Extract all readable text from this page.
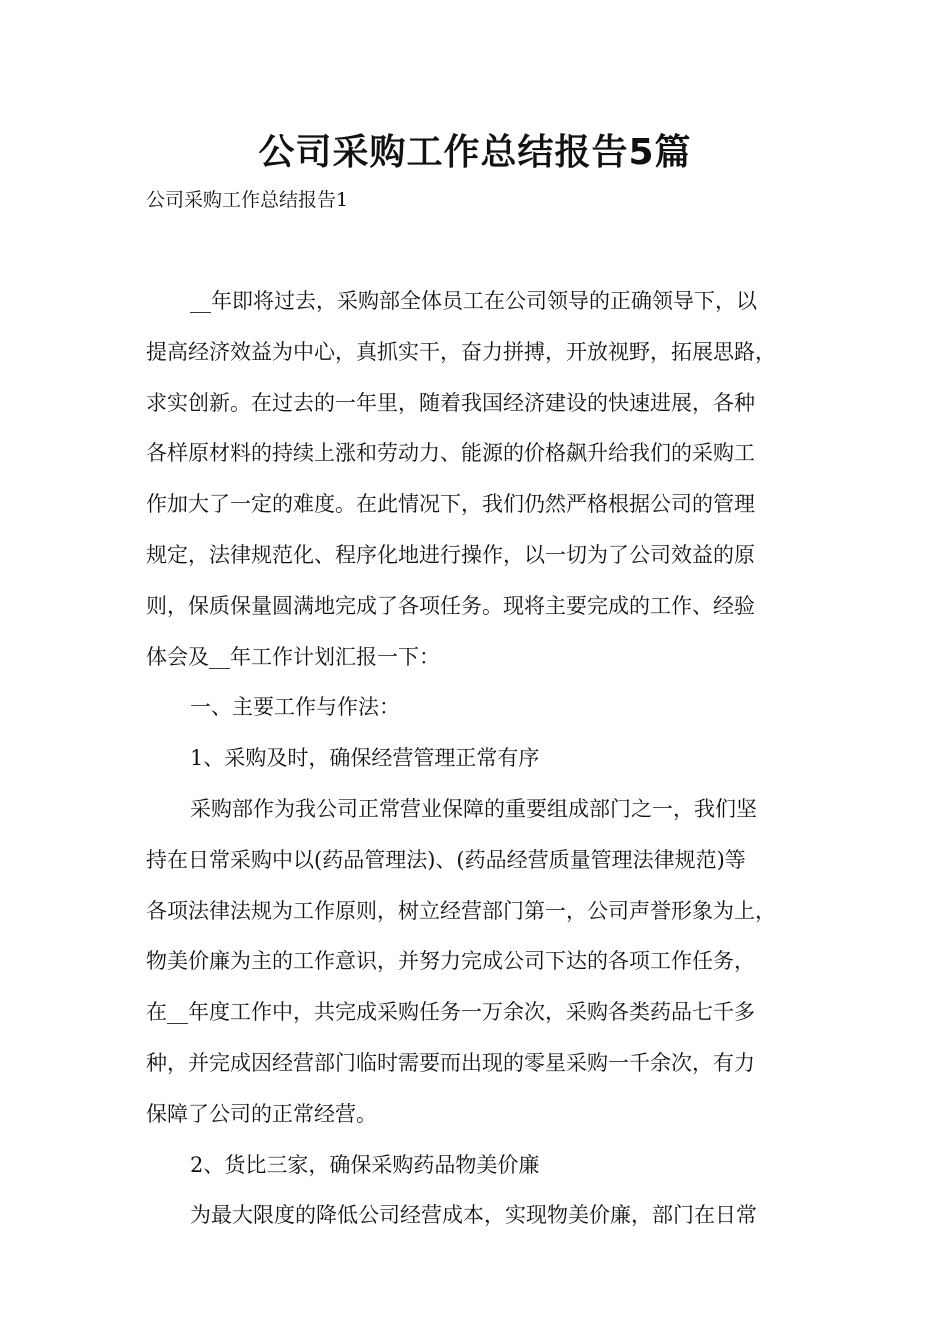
公司采购工作总结报告5篇

公司采购工作总结报告1

__年即将过去，采购部全体员工在公司领导的正确领导下，以
提高经济效益为中心，真抓实干，奋力拼搏，开放视野，拓展思路，
求实创新。在过去的一年里，随着我国经济建设的快速进展，各种
各样原材料的持续上涨和劳动力、能源的价格飙升给我们的采购工
作加大了一定的难度。在此情况下，我们仍然严格根据公司的管理
规定，法律规范化、程序化地进行操作，以一切为了公司效益的原
则，保质保量圆满地完成了各项任务。现将主要完成的工作、经验
体会及__年工作计划汇报一下：
一、主要工作与作法：
1、采购及时，确保经营管理正常有序
采购部作为我公司正常营业保障的重要组成部门之一，我们坚
持在日常采购中以(药品管理法)、(药品经营质量管理法律规范)等
各项法律法规为工作原则，树立经营部门第一，公司声誉形象为上，
物美价廉为主的工作意识，并努力完成公司下达的各项工作任务，
在__年度工作中，共完成采购任务一万余次，采购各类药品七千多
种，并完成因经营部门临时需要而出现的零星采购一千余次，有力
保障了公司的正常经营。
2、货比三家，确保采购药品物美价廉
为最大限度的降低公司经营成本，实现物美价廉，部门在日常
